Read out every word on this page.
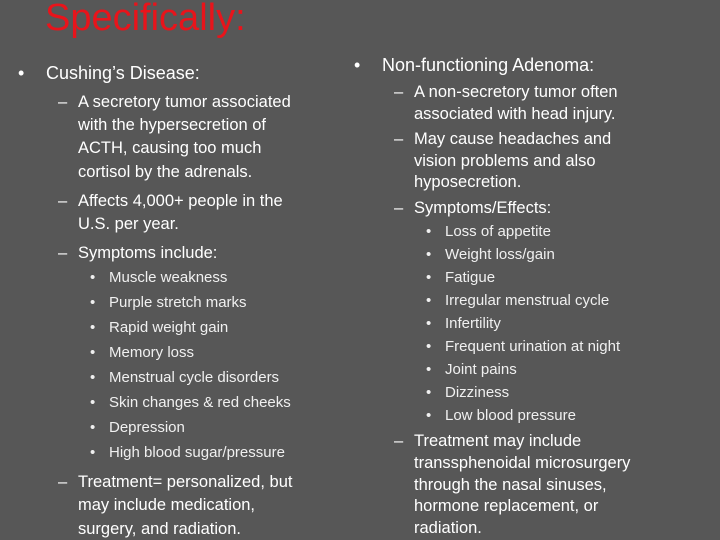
Specifically:
• Cushing’s Disease:
– A secretory tumor associated
with the hypersecretion of
ACTH, causing too much
cortisol by the adrenals.
– Affects 4,000+ people in the
U.S. per year.
– Symptoms include:
• Muscle weakness
• Purple stretch marks
• Rapid weight gain
• Memory loss
• Menstrual cycle disorders
• Skin changes & red cheeks
• Depression
• High blood sugar/pressure
– Treatment= personalized, but
may include medication,
surgery, and radiation.
• Non-functioning Adenoma:
– A non-secretory tumor often
associated with head injury.
– May cause headaches and
vision problems and also
hyposecretion.
– Symptoms/Effects:
• Loss of appetite
• Weight loss/gain
• Fatigue
• Irregular menstrual cycle
• Infertility
• Frequent urination at night
• Joint pains
• Dizziness
• Low blood pressure
– Treatment may include
transsphenoidal microsurgery
through the nasal sinuses,
hormone replacement, or
radiation.
